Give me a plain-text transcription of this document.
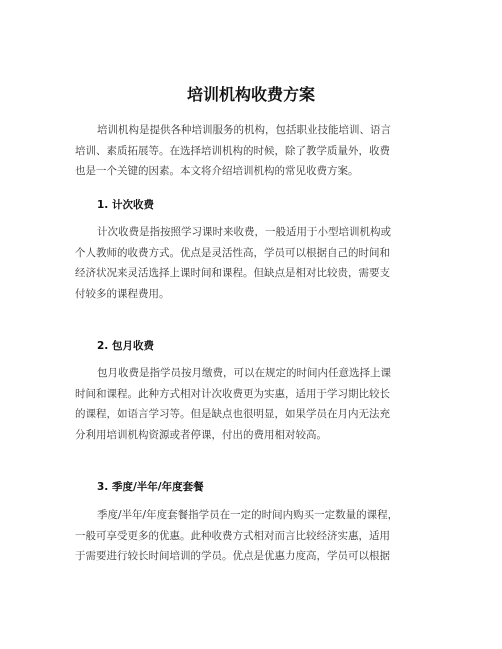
培训机构收费方案
培训机构是提供各种培训服务的机构，包括职业技能培训、语言
培训、素质拓展等。在选择培训机构的时候，除了教学质量外，收费
也是一个关键的因素。本文将介绍培训机构的常见收费方案。
1. 计次收费
计次收费是指按照学习课时来收费，一般适用于小型培训机构或
个人教师的收费方式。优点是灵活性高，学员可以根据自己的时间和
经济状况来灵活选择上课时间和课程。但缺点是相对比较贵，需要支
付较多的课程费用。
2. 包月收费
包月收费是指学员按月缴费，可以在规定的时间内任意选择上课
时间和课程。此种方式相对计次收费更为实惠，适用于学习期比较长
的课程，如语言学习等。但是缺点也很明显，如果学员在月内无法充
分利用培训机构资源或者停课，付出的费用相对较高。
3. 季度/半年/年度套餐
季度/半年/年度套餐指学员在一定的时间内购买一定数量的课程，
一般可享受更多的优惠。此种收费方式相对而言比较经济实惠，适用
于需要进行较长时间培训的学员。优点是优惠力度高，学员可以根据
